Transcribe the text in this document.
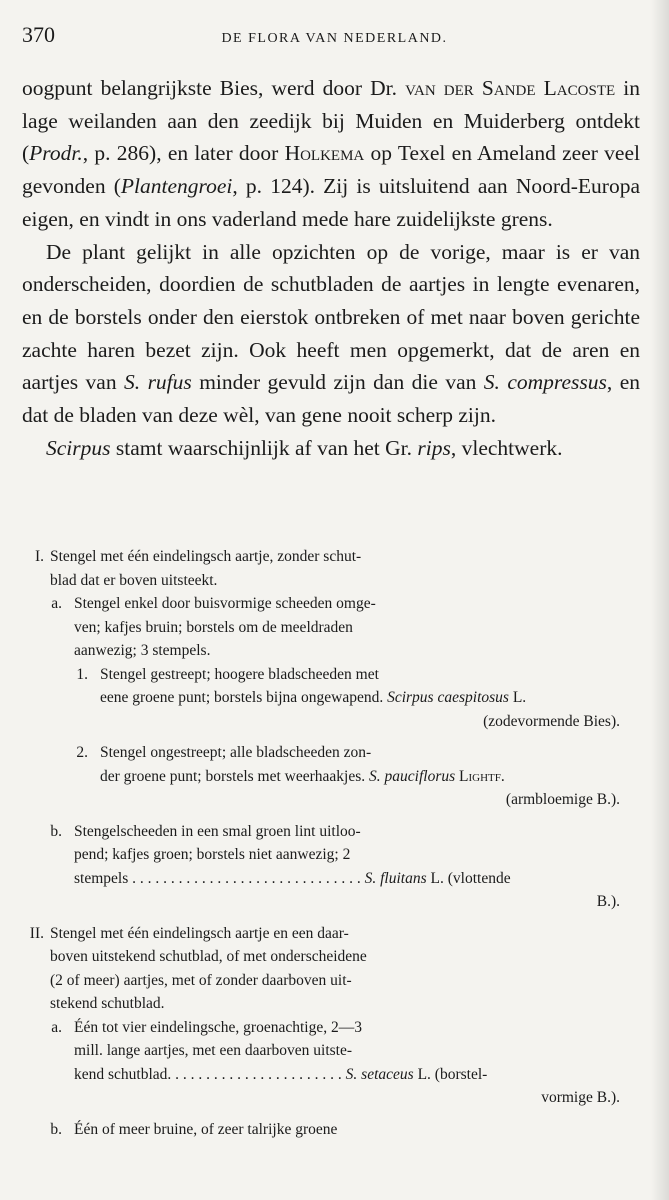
370	DE FLORA VAN NEDERLAND.

oogpunt belangrijkste Bies, werd door Dr. van der Sande Lacoste in lage weilanden aan den zeedijk bij Muiden en Muiderberg ontdekt (Prodr., p. 286), en later door Holkema op Texel en Ameland zeer veel gevonden (Plantengroei, p. 124). Zij is uitsluitend aan Noord-Europa eigen, en vindt in ons vaderland mede hare zuidelijkste grens.

De plant gelijkt in alle opzichten op de vorige, maar is er van onderscheiden, doordien de schutbladen de aartjes in lengte evenaren, en de borstels onder den eierstok ontbreken of met naar boven gerichte zachte haren bezet zijn. Ook heeft men opgemerkt, dat de aren en aartjes van S. rufus minder gevuld zijn dan die van S. compressus, en dat de bladen van deze wèl, van gene nooit scherp zijn.

Scirpus stamt waarschijnlijk af van het Gr. rips, vlechtwerk.

I. Stengel met één eindelingsch aartje, zonder schut-
blad dat er boven uitsteekt.
a. Stengel enkel door buisvormige scheeden omge-
ven; kafjes bruin; borstels om de meeldraden
aanwezig; 3 stempels.
1. Stengel gestreept; hoogere bladscheeden met
eene groene punt; borstels bijna ongewapend. Scirpus caespitosus L.
(zodevormende Bies).
2. Stengel ongestreept; alle bladscheeden zon-
der groene punt; borstels met weerhaakjes. S. pauciflorus Lightf.
(armbloemige B.).
b. Stengelscheeden in een smal groen lint uitloo-
pend; kafjes groen; borstels niet aanwezig; 2
stempels . . . . . . . . . . . . . . . . . . . . . . . . . . . . . . S. fluitans L. (vlottende
B.).
II. Stengel met één eindelingsch aartje en een daar-
boven uitstekend schutblad, of met onderscheidene
(2 of meer) aartjes, met of zonder daarboven uit-
stekend schutblad.
a. Één tot vier eindelingsche, groenachtige, 2—3
mill. lange aartjes, met een daarboven uitste-
kend schutblad. . . . . . . . . . . . . . . . . . . . . . . S. setaceus L. (borstel-
vormige B.).
b. Één of meer bruine, of zeer talrijke groene
